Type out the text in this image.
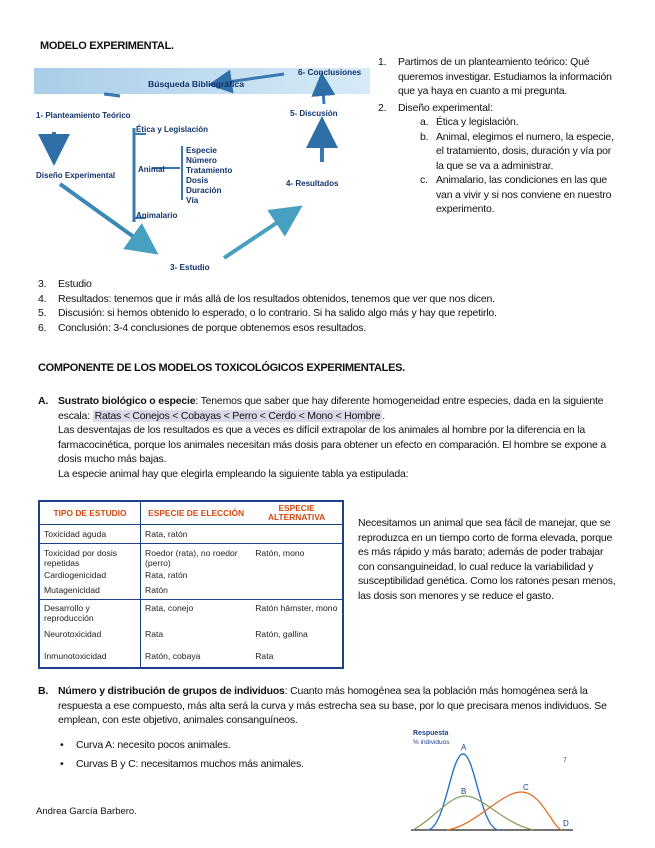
MODELO EXPERIMENTAL.
Búsqueda Bibliográfica
6- Conclusiones
1- Planteamiento Teórico	5- Discusión
Ética y Legislación
Diseño Experimental
Animal
Especie
Número
Tratamiento
Dosis
Duración
Vía
Animalario
4- Resultados
3- Estudio
1.	Partimos de un planteamiento teórico: Qué queremos investigar. Estudiamos la información que ya haya en cuanto a mi pregunta.
2.	Diseño experimental:
a. Ética y legislación.
b. Animal, elegimos el numero, la especie, el tratamiento, dosis, duración y vía por la que se va a administrar.
c. Animalario, las condiciones en las que van a vivir y si nos conviene en nuestro experimento.
3. Estudio
4. Resultados: tenemos que ir más allá de los resultados obtenidos, tenemos que ver que nos dicen.
5. Discusión: si hemos obtenido lo esperado, o lo contrario. Si ha salido algo más y hay que repetirlo.
6. Conclusión: 3-4 conclusiones de porque obtenemos esos resultados.
COMPONENTE DE LOS MODELOS TOXICOLÓGICOS EXPERIMENTALES.
A. Sustrato biológico o especie: Tenemos que saber que hay diferente homogeneidad entre especies, dada en la siguiente escala: Ratas < Conejos < Cobayas < Perro < Cerdo < Mono < Hombre .
Las desventajas de los resultados es que a veces es difícil extrapolar de los animales al hombre por la diferencia en la farmacocinética, porque los animales necesitan más dosis para obtener un efecto en comparación. El hombre se expone a dosis mucho más bajas.
La especie animal hay que elegirla empleando la siguiente tabla ya estipulada:
TIPO DE ESTUDIO	ESPECIE DE ELECCIÓN	ESPECIE ALTERNATIVA
Toxicidad aguda	Rata, ratón	
Toxicidad por dosis repetidas	Roedor (rata), no roedor (perro)	Ratón, mono
Cardiogenicidad	Rata, ratón	
Mutagenicidad	Ratón	
Desarrollo y reproducción	Rata, conejo	Ratón hámster, mono
Neurotoxicidad	Rata	Ratón, gallina
Inmunotoxicidad	Ratón, cobaya	Rata
Necesitamos un animal que sea fácil de manejar, que se reproduzca en un tiempo corto de forma elevada, porque es más rápido y más barato; además de poder trabajar con consanguineidad, lo cual reduce la variabilidad y susceptibilidad genética. Como los ratones pesan menos, las dosis son menores y se reduce el gasto.
B. Número y distribución de grupos de individuos: Cuanto más homogénea sea la población más homogénea será la respuesta a ese compuesto, más alta será la curva y más estrecha sea su base, por lo que precisara menos individuos. Se emplean, con este objetivo, animales consanguíneos.
•	Curva A: necesito pocos animales.
•	Curvas B y C: necesitamos muchos más animales.
Respuesta
% individuos
A
B	C
D
7
Andrea García Barbero.
